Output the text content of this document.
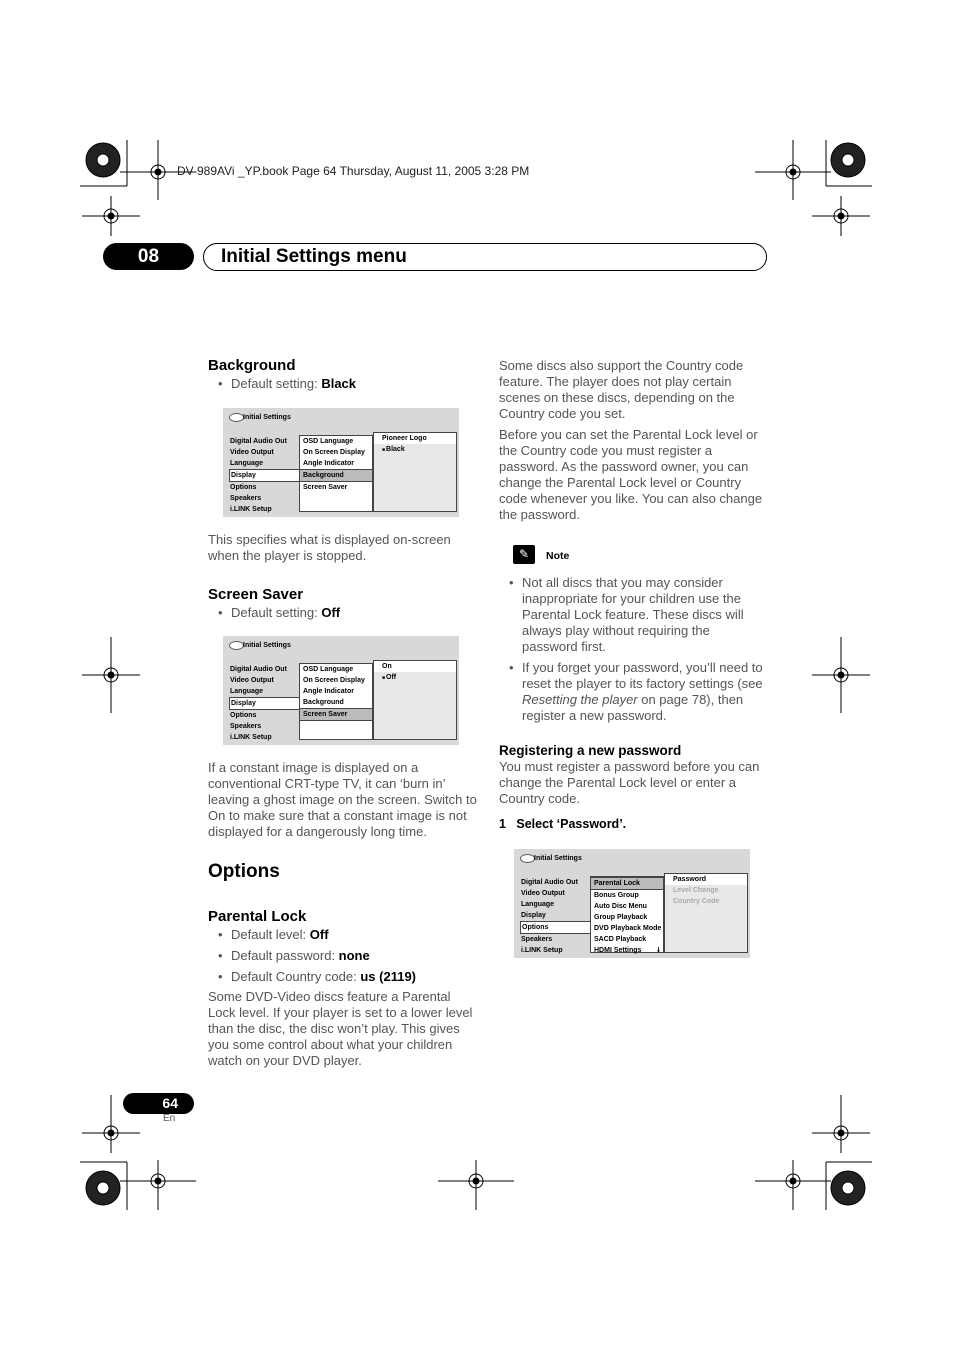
DV-989AVi _YP.book Page 64 Thursday, August 11, 2005 3:28 PM
08	Initial Settings menu
Background
• Default setting: Black
Initial Settings
Digital Audio Out
Video Output
Language
Display
Options
Speakers
i.LINK Setup
OSD Language
On Screen Display
Angle Indicator
Background
Screen Saver
Pioneer Logo
■ Black

This specifies what is displayed on-screen when the player is stopped.

Screen Saver
• Default setting: Off
Initial Settings
Digital Audio Out
Video Output
Language
Display
Options
Speakers
i.LINK Setup
OSD Language
On Screen Display
Angle Indicator
Background
Screen Saver
On
■ Off

If a constant image is displayed on a conventional CRT-type TV, it can ‘burn in’ leaving a ghost image on the screen. Switch to On to make sure that a constant image is not displayed for a dangerously long time.

Options
Parental Lock
• Default level: Off
• Default password: none
• Default Country code: us (2119)

Some DVD-Video discs feature a Parental Lock level. If your player is set to a lower level than the disc, the disc won’t play. This gives you some control about what your children watch on your DVD player.

Some discs also support the Country code feature. The player does not play certain scenes on these discs, depending on the Country code you set.

Before you can set the Parental Lock level or the Country code you must register a password. As the password owner, you can change the Parental Lock level or Country code whenever you like. You can also change the password.

✎	Note
• Not all discs that you may consider inappropriate for your children use the Parental Lock feature. These discs will always play without requiring the password first.
• If you forget your password, you’ll need to reset the player to its factory settings (see Resetting the player on page 78), then register a new password.
Registering a new password

You must register a password before you can change the Parental Lock level or enter a Country code.

1   Select ‘Password’.
Initial Settings
Digital Audio Out
Video Output
Language
Display
Options
Speakers
i.LINK Setup
Parental Lock
Bonus Group
Auto Disc Menu
Group Playback
DVD Playback Mode
SACD Playback
HDMI Settings 🠗
Password
Level Change
Country Code
64
En
